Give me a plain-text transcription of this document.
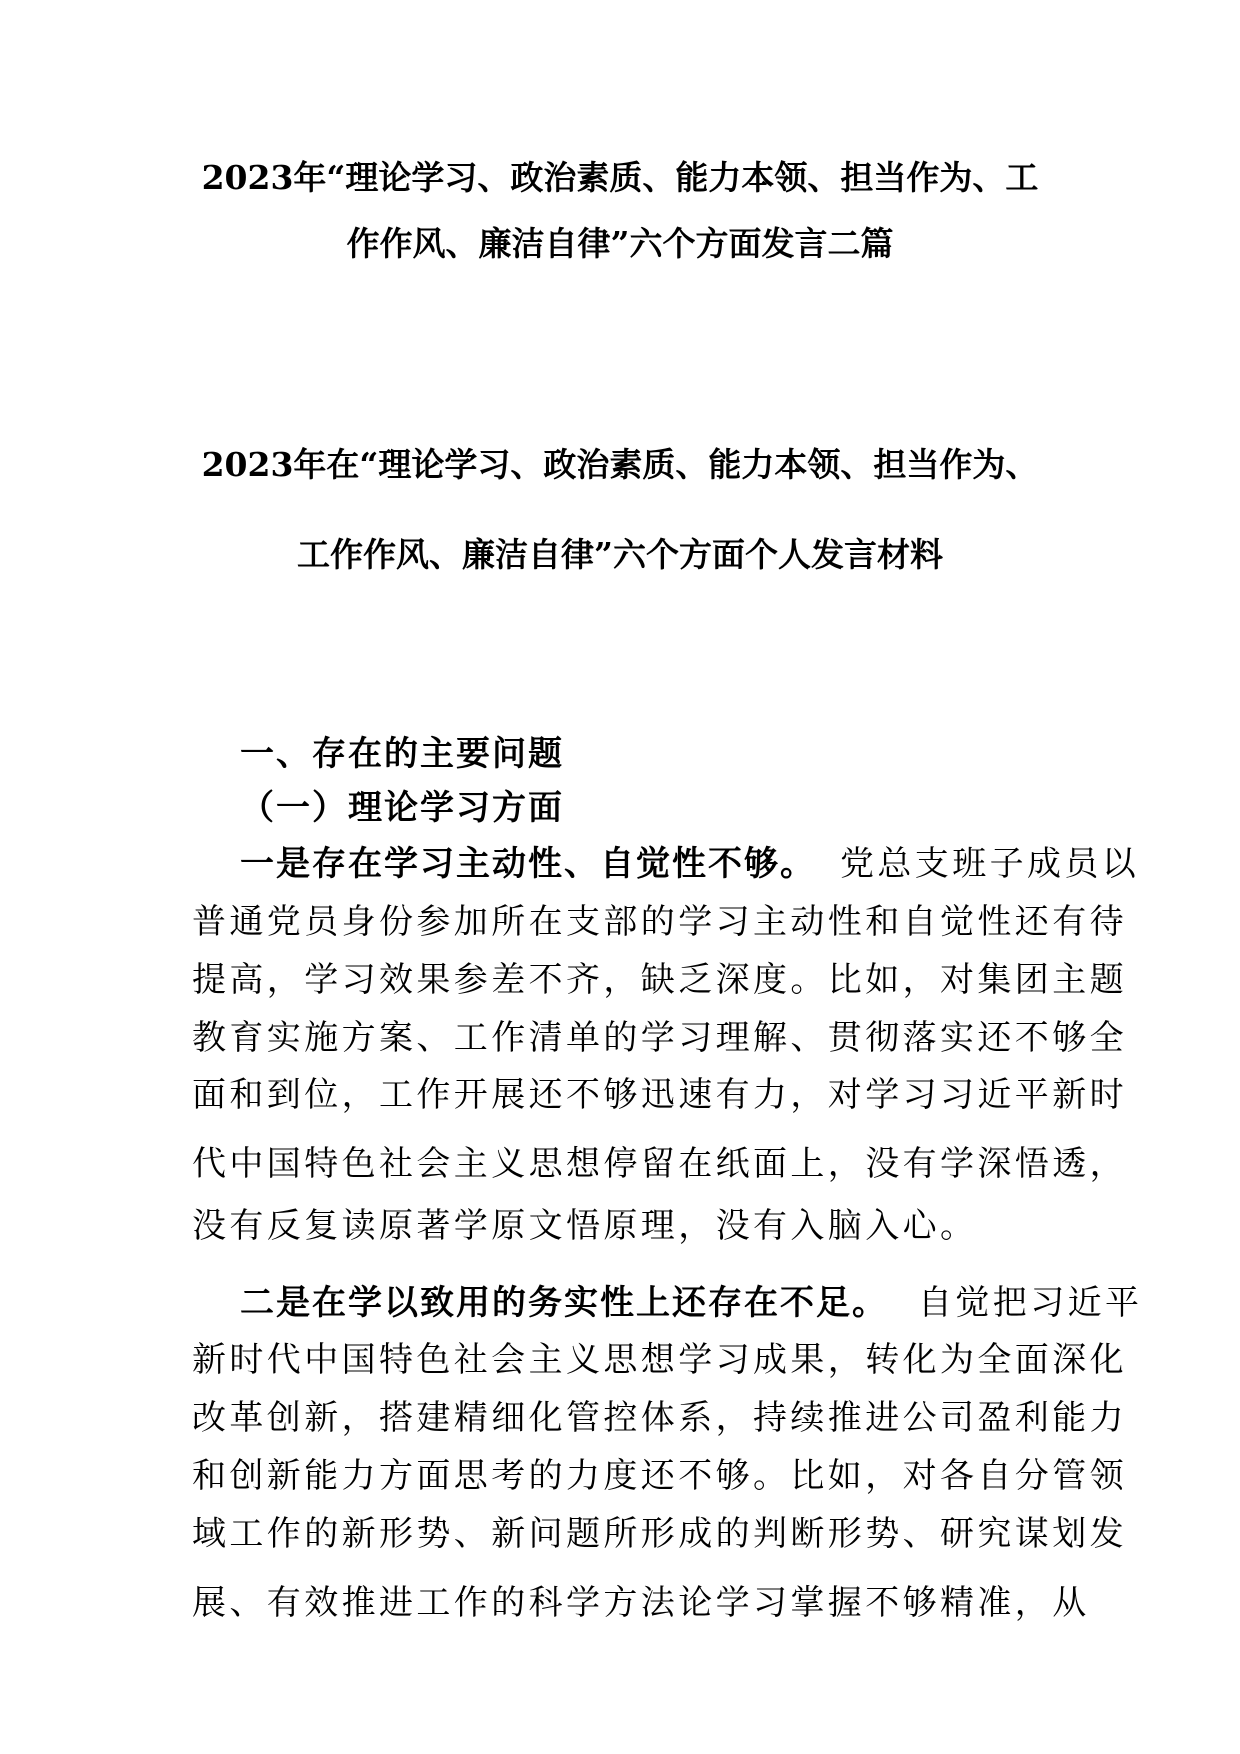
2023年“理论学习、政治素质、能力本领、担当作为、工
作作风、廉洁自律”六个方面发言二篇
2023年在“理论学习、政治素质、能力本领、担当作为、
工作作风、廉洁自律”六个方面个人发言材料
一、存在的主要问题
（一）理论学习方面
一是存在学习主动性、自觉性不够。 党总支班子成员以
普通党员身份参加所在支部的学习主动性和自觉性还有待
提高，学习效果参差不齐，缺乏深度。比如，对集团主题
教育实施方案、工作清单的学习理解、贯彻落实还不够全
面和到位，工作开展还不够迅速有力，对学习习近平新时
代中国特色社会主义思想停留在纸面上，没有学深悟透，
没有反复读原著学原文悟原理，没有入脑入心。
二是在学以致用的务实性上还存在不足。 自觉把习近平
新时代中国特色社会主义思想学习成果，转化为全面深化
改革创新，搭建精细化管控体系，持续推进公司盈利能力
和创新能力方面思考的力度还不够。比如，对各自分管领
域工作的新形势、新问题所形成的判断形势、研究谋划发
展、有效推进工作的科学方法论学习掌握不够精准，从
